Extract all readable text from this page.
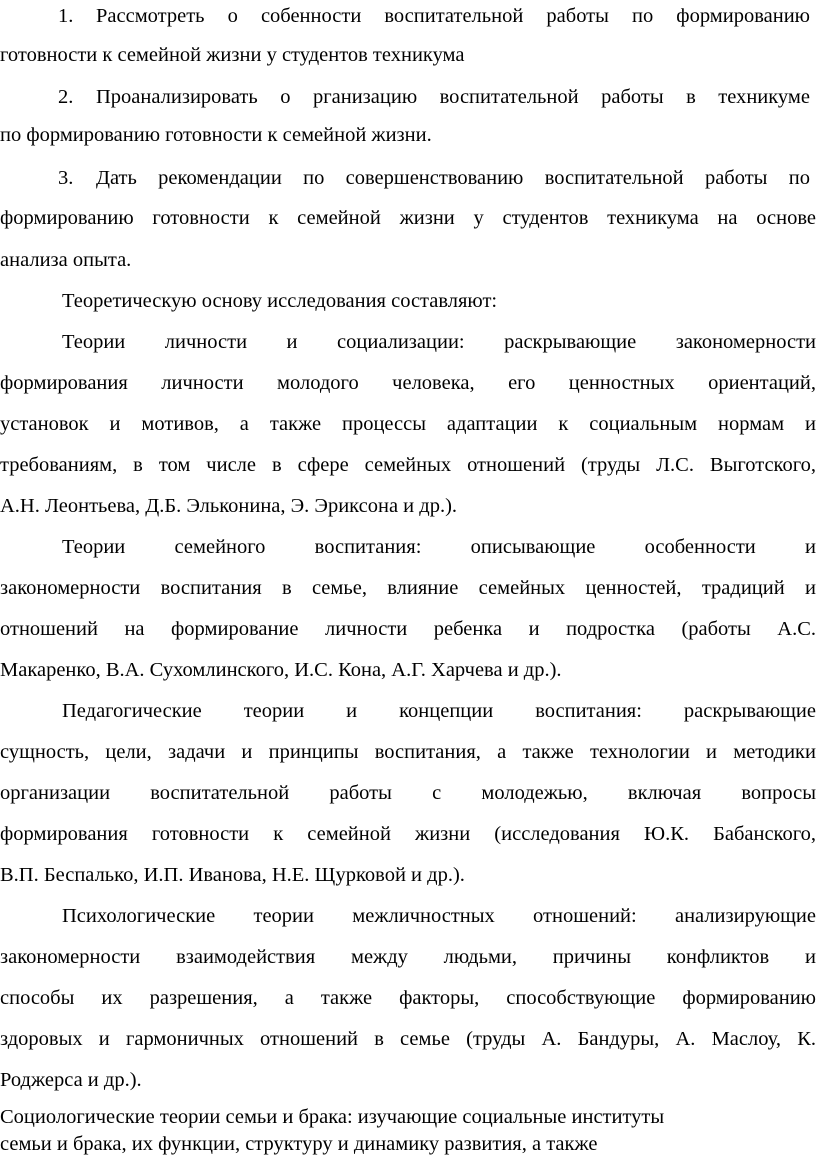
1. Рассмотреть о собенности воспитательной работы по формированию
готовности к семейной жизни у студентов техникума
2. Проанализировать о рганизацию воспитательной работы в техникуме
по формированию готовности к семейной жизни.
3. Дать рекомендации по совершенствованию воспитательной работы по
формированию готовности к семейной жизни у студентов техникума на основе
анализа опыта.
Теоретическую основу исследования составляют:
Теории личности и социализации: раскрывающие закономерности
формирования личности молодого человека, его ценностных ориентаций,
установок и мотивов, а также процессы адаптации к социальным нормам и
требованиям, в том числе в сфере семейных отношений (труды Л.С. Выготского,
А.Н. Леонтьева, Д.Б. Эльконина, Э. Эриксона и др.).
Теории семейного воспитания: описывающие особенности и
закономерности воспитания в семье, влияние семейных ценностей, традиций и
отношений на формирование личности ребенка и подростка (работы А.С.
Макаренко, В.А. Сухомлинского, И.С. Кона, А.Г. Харчева и др.).
Педагогические теории и концепции воспитания: раскрывающие
сущность, цели, задачи и принципы воспитания, а также технологии и методики
организации воспитательной работы с молодежью, включая вопросы
формирования готовности к семейной жизни (исследования Ю.К. Бабанского,
В.П. Беспалько, И.П. Иванова, Н.Е. Щурковой и др.).
Психологические теории межличностных отношений: анализирующие
закономерности взаимодействия между людьми, причины конфликтов и
способы их разрешения, а также факторы, способствующие формированию
здоровых и гармоничных отношений в семье (труды А. Бандуры, А. Маслоу, К.
Роджерса и др.).
Социологические теории семьи и брака: изучающие социальные институты
семьи и брака, их функции, структуру и динамику развития, а также
